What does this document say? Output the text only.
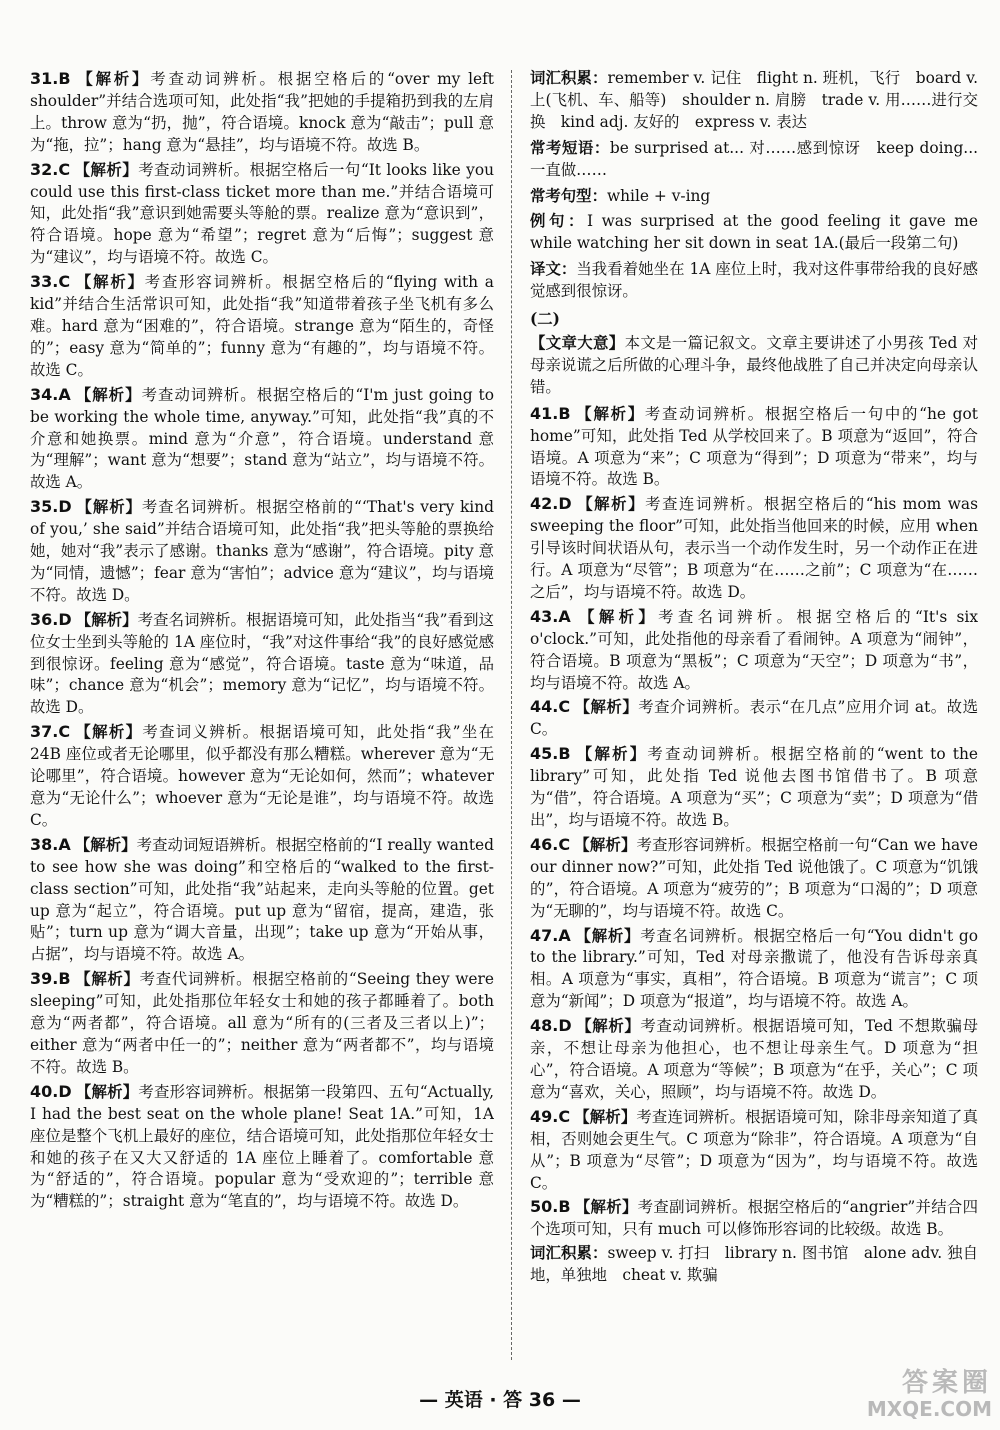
31.B 【解析】考查动词辨析。根据空格后的“over my left shoulder”并结合选项可知，此处指“我”把她的手提箱扔到我的左肩上。throw 意为“扔，抛”，符合语境。knock 意为“敲击”；pull 意为“拖，拉”；hang 意为“悬挂”，均与语境不符。故选 B。
32.C 【解析】考查动词辨析。根据空格后一句“It looks like you could use this first-class ticket more than me.”并结合语境可知，此处指“我”意识到她需要头等舱的票。realize 意为“意识到”，符合语境。hope 意为“希望”；regret 意为“后悔”；suggest 意为“建议”，均与语境不符。故选 C。
33.C 【解析】考查形容词辨析。根据空格后的“flying with a kid”并结合生活常识可知，此处指“我”知道带着孩子坐飞机有多么难。hard 意为“困难的”，符合语境。strange 意为“陌生的，奇怪的”；easy 意为“简单的”；funny 意为“有趣的”，均与语境不符。故选 C。
34.A 【解析】考查动词辨析。根据空格后的“I'm just going to be working the whole time, anyway.”可知，此处指“我”真的不介意和她换票。mind 意为“介意”，符合语境。understand 意为“理解”；want 意为“想要”；stand 意为“站立”，均与语境不符。故选 A。
35.D 【解析】考查名词辨析。根据空格前的“‘That's very kind of you,’ she said”并结合语境可知，此处指“我”把头等舱的票换给她，她对“我”表示了感谢。thanks 意为“感谢”，符合语境。pity 意为“同情，遗憾”；fear 意为“害怕”；advice 意为“建议”，均与语境不符。故选 D。
36.D 【解析】考查名词辨析。根据语境可知，此处指当“我”看到这位女士坐到头等舱的 1A 座位时，“我”对这件事给“我”的良好感觉感到很惊讶。feeling 意为“感觉”，符合语境。taste 意为“味道，品味”；chance 意为“机会”；memory 意为“记忆”，均与语境不符。故选 D。
37.C 【解析】考查词义辨析。根据语境可知，此处指“我”坐在 24B 座位或者无论哪里，似乎都没有那么糟糕。wherever 意为“无论哪里”，符合语境。however 意为“无论如何，然而”；whatever 意为“无论什么”；whoever 意为“无论是谁”，均与语境不符。故选 C。
38.A 【解析】考查动词短语辨析。根据空格前的“I really wanted to see how she was doing”和空格后的“walked to the first-class section”可知，此处指“我”站起来，走向头等舱的位置。get up 意为“起立”，符合语境。put up 意为“留宿，提高，建造，张贴”；turn up 意为“调大音量，出现”；take up 意为“开始从事，占据”，均与语境不符。故选 A。
39.B 【解析】考查代词辨析。根据空格前的“Seeing they were sleeping”可知，此处指那位年轻女士和她的孩子都睡着了。both 意为“两者都”，符合语境。all 意为“所有的(三者及三者以上)”；either 意为“两者中任一的”；neither 意为“两者都不”，均与语境不符。故选 B。
40.D 【解析】考查形容词辨析。根据第一段第四、五句“Actually, I had the best seat on the whole plane! Seat 1A.”可知，1A 座位是整个飞机上最好的座位，结合语境可知，此处指那位年轻女士和她的孩子在又大又舒适的 1A 座位上睡着了。comfortable 意为“舒适的”，符合语境。popular 意为“受欢迎的”；terrible 意为“糟糕的”；straight 意为“笔直的”，均与语境不符。故选 D。
词汇积累：remember v. 记住　flight n. 班机，飞行　board v. 上(飞机、车、船等)　shoulder n. 肩膀　trade v. 用……进行交换　kind adj. 友好的　express v. 表达
常考短语：be surprised at... 对……感到惊讶　keep doing... 一直做……
常考句型：while + v-ing
例句：I was surprised at the good feeling it gave me while watching her sit down in seat 1A.(最后一段第二句)
译文：当我看着她坐在 1A 座位上时，我对这件事带给我的良好感觉感到很惊讶。
(二)
【文章大意】本文是一篇记叙文。文章主要讲述了小男孩 Ted 对母亲说谎之后所做的心理斗争，最终他战胜了自己并决定向母亲认错。
41.B 【解析】考查动词辨析。根据空格后一句中的“he got home”可知，此处指 Ted 从学校回来了。B 项意为“返回”，符合语境。A 项意为“来”；C 项意为“得到”；D 项意为“带来”，均与语境不符。故选 B。
42.D 【解析】考查连词辨析。根据空格后的“his mom was sweeping the floor”可知，此处指当他回来的时候，应用 when 引导该时间状语从句，表示当一个动作发生时，另一个动作正在进行。A 项意为“尽管”；B 项意为“在……之前”；C 项意为“在……之后”，均与语境不符。故选 D。
43.A 【解析】考查名词辨析。根据空格后的“It's six o'clock.”可知，此处指他的母亲看了看闹钟。A 项意为“闹钟”，符合语境。B 项意为“黑板”；C 项意为“天空”；D 项意为“书”，均与语境不符。故选 A。
44.C 【解析】考查介词辨析。表示“在几点”应用介词 at。故选 C。
45.B 【解析】考查动词辨析。根据空格前的“went to the library”可知，此处指 Ted 说他去图书馆借书了。B 项意为“借”，符合语境。A 项意为“买”；C 项意为“卖”；D 项意为“借出”，均与语境不符。故选 B。
46.C 【解析】考查形容词辨析。根据空格前一句“Can we have our dinner now?”可知，此处指 Ted 说他饿了。C 项意为“饥饿的”，符合语境。A 项意为“疲劳的”；B 项意为“口渴的”；D 项意为“无聊的”，均与语境不符。故选 C。
47.A 【解析】考查名词辨析。根据空格后一句“You didn't go to the library.”可知，Ted 对母亲撒谎了，他没有告诉母亲真相。A 项意为“事实，真相”，符合语境。B 项意为“谎言”；C 项意为“新闻”；D 项意为“报道”，均与语境不符。故选 A。
48.D 【解析】考查动词辨析。根据语境可知，Ted 不想欺骗母亲，不想让母亲为他担心，也不想让母亲生气。D 项意为“担心”，符合语境。A 项意为“等候”；B 项意为“在乎，关心”；C 项意为“喜欢，关心，照顾”，均与语境不符。故选 D。
49.C 【解析】考查连词辨析。根据语境可知，除非母亲知道了真相，否则她会更生气。C 项意为“除非”，符合语境。A 项意为“自从”；B 项意为“尽管”；D 项意为“因为”，均与语境不符。故选 C。
50.B 【解析】考查副词辨析。根据空格后的“angrier”并结合四个选项可知，只有 much 可以修饰形容词的比较级。故选 B。
词汇积累：sweep v. 打扫　library n. 图书馆　alone adv. 独自地，单独地　cheat v. 欺骗
— 英语 · 答 36 —
答案圈
MXQE.COM
